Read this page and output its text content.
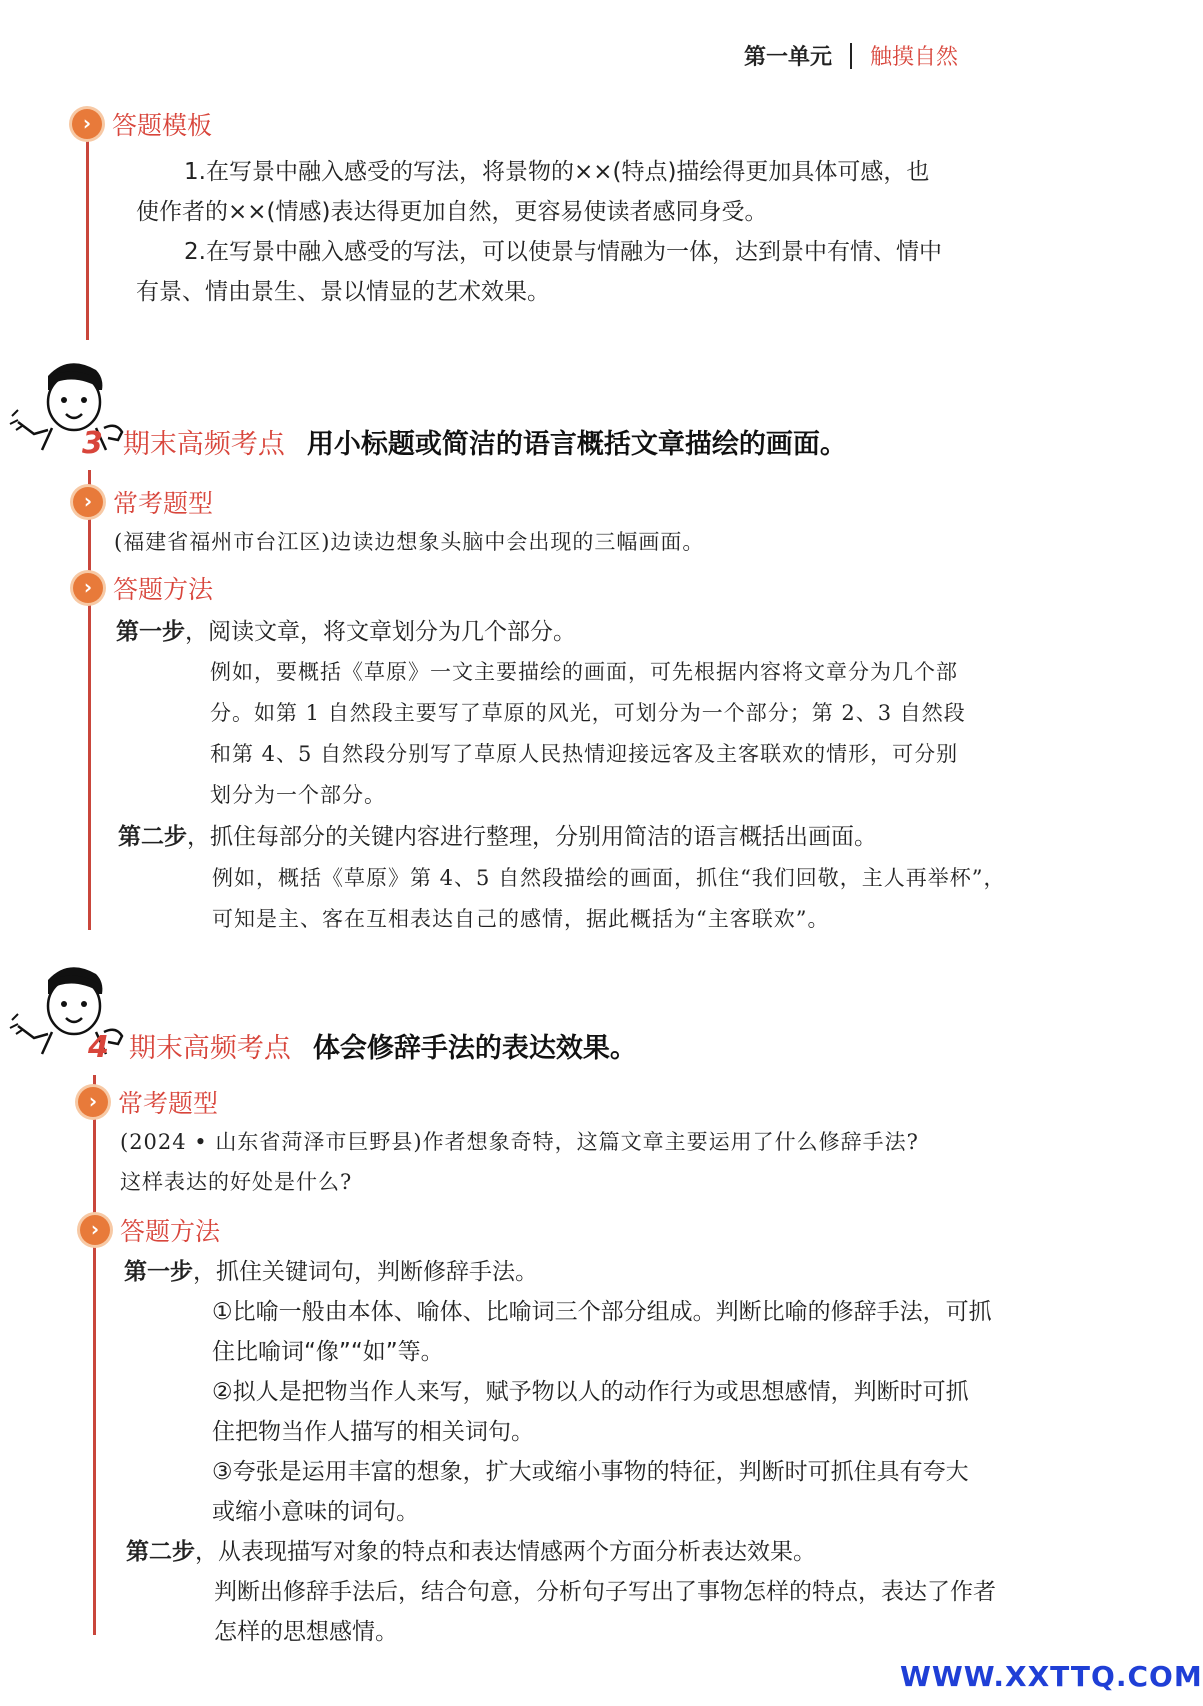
第一单元 触摸自然
› 答题模板
1.在写景中融入感受的写法，将景物的××(特点)描绘得更加具体可感，也
使作者的××(情感)表达得更加自然，更容易使读者感同身受。
2.在写景中融入感受的写法，可以使景与情融为一体，达到景中有情、情中
有景、情由景生、景以情显的艺术效果。
3 期末高频考点 用小标题或简洁的语言概括文章描绘的画面。
› 常考题型
(福建省福州市台江区)边读边想象头脑中会出现的三幅画面。
› 答题方法
第一步，阅读文章，将文章划分为几个部分。
例如，要概括《草原》一文主要描绘的画面，可先根据内容将文章分为几个部
分。如第 1 自然段主要写了草原的风光，可划分为一个部分；第 2、3 自然段
和第 4、5 自然段分别写了草原人民热情迎接远客及主客联欢的情形，可分别
划分为一个部分。
第二步，抓住每部分的关键内容进行整理，分别用简洁的语言概括出画面。
例如，概括《草原》第 4、5 自然段描绘的画面，抓住“我们回敬，主人再举杯”，
可知是主、客在互相表达自己的感情，据此概括为“主客联欢”。
4 期末高频考点 体会修辞手法的表达效果。
› 常考题型
(2024 • 山东省菏泽市巨野县)作者想象奇特，这篇文章主要运用了什么修辞手法?
这样表达的好处是什么?
› 答题方法
第一步，抓住关键词句，判断修辞手法。
①比喻一般由本体、喻体、比喻词三个部分组成。判断比喻的修辞手法，可抓
住比喻词“像”“如”等。
②拟人是把物当作人来写，赋予物以人的动作行为或思想感情，判断时可抓
住把物当作人描写的相关词句。
③夸张是运用丰富的想象，扩大或缩小事物的特征，判断时可抓住具有夸大
或缩小意味的词句。
第二步，从表现描写对象的特点和表达情感两个方面分析表达效果。
判断出修辞手法后，结合句意，分析句子写出了事物怎样的特点，表达了作者
怎样的思想感情。
WWW.XXTTQ.COM
